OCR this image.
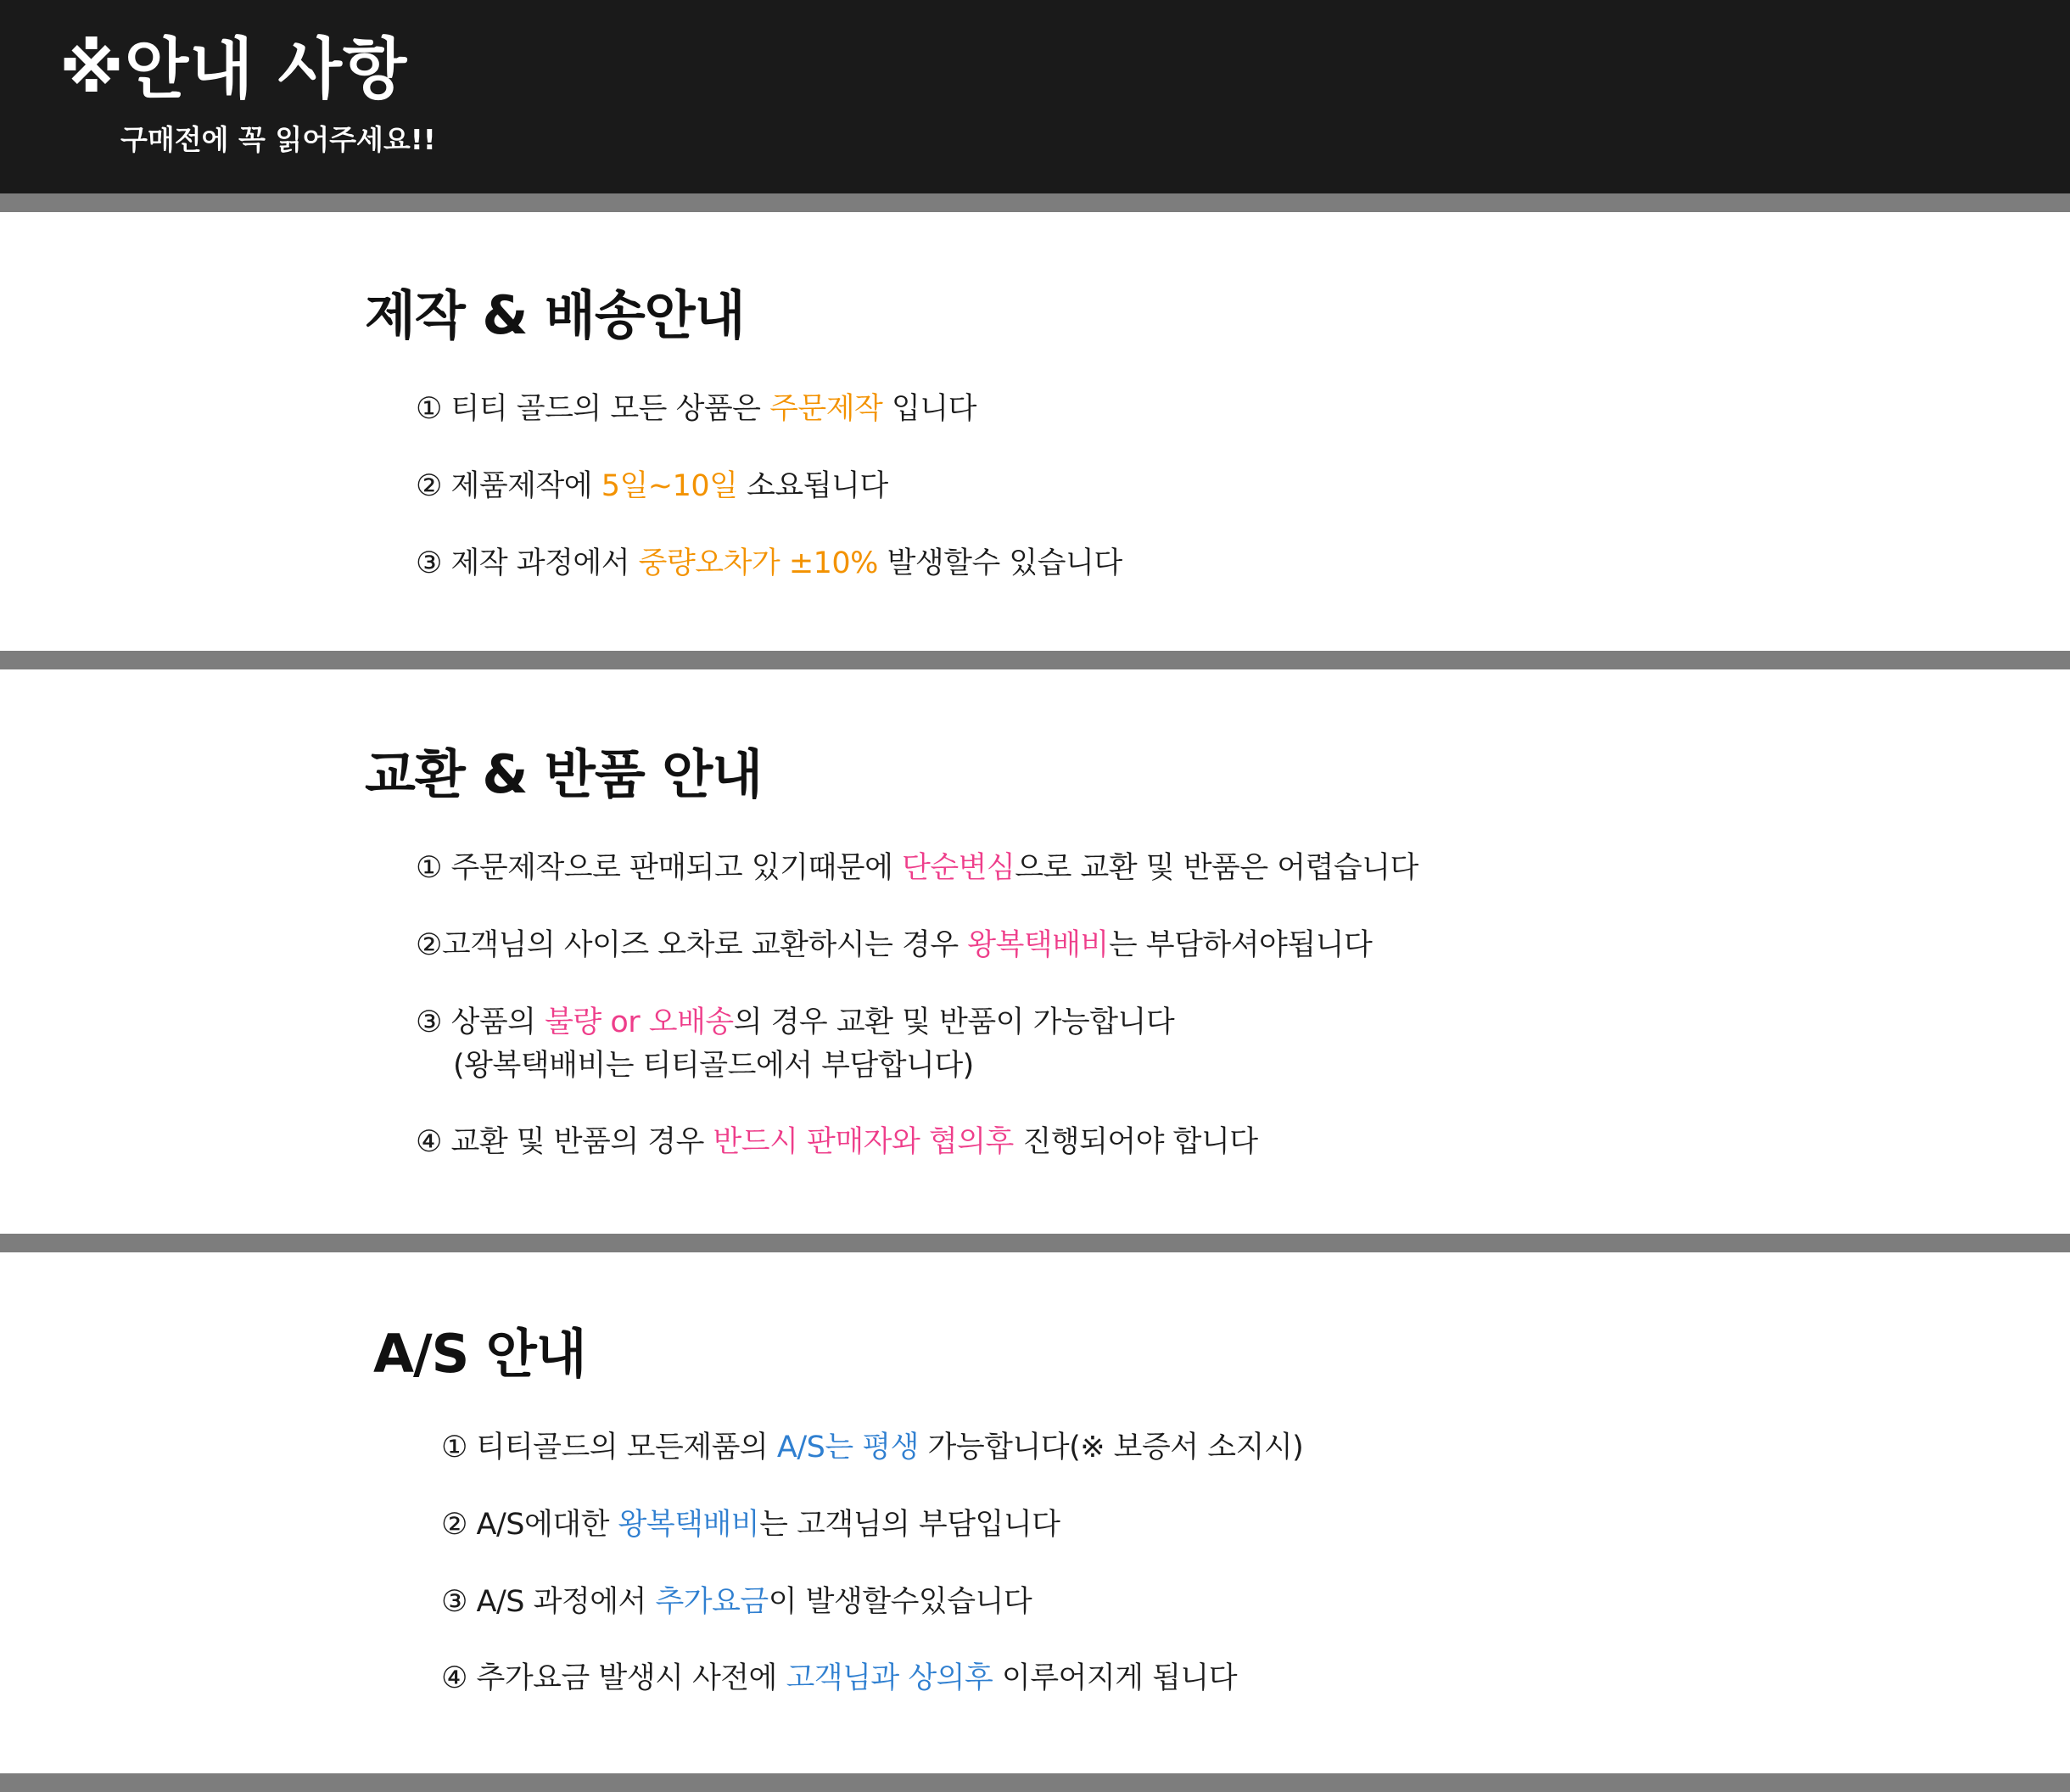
※안내 사항
구매전에 꼭 읽어주세요!!
제작 & 배송안내
① 티티 골드의 모든 상품은 주문제작 입니다
② 제품제작에 5일~10일 소요됩니다
③ 제작 과정에서 중량오차가 ±10% 발생할수 있습니다
교환 & 반품 안내
① 주문제작으로 판매되고 있기때문에 단순변심으로 교환 및 반품은 어렵습니다
②고객님의 사이즈 오차로 교환하시는 경우 왕복택배비는 부담하셔야됩니다
③ 상품의 불량 or 오배송의 경우 교환 및 반품이 가능합니다
(왕복택배비는 티티골드에서 부담합니다)
④ 교환 및 반품의 경우 반드시 판매자와 협의후 진행되어야 합니다
A/S 안내
① 티티골드의 모든제품의 A/S는 평생 가능합니다(※ 보증서 소지시)
② A/S에대한 왕복택배비는 고객님의 부담입니다
③ A/S 과정에서 추가요금이 발생할수있습니다
④ 추가요금 발생시 사전에 고객님과 상의후 이루어지게 됩니다
